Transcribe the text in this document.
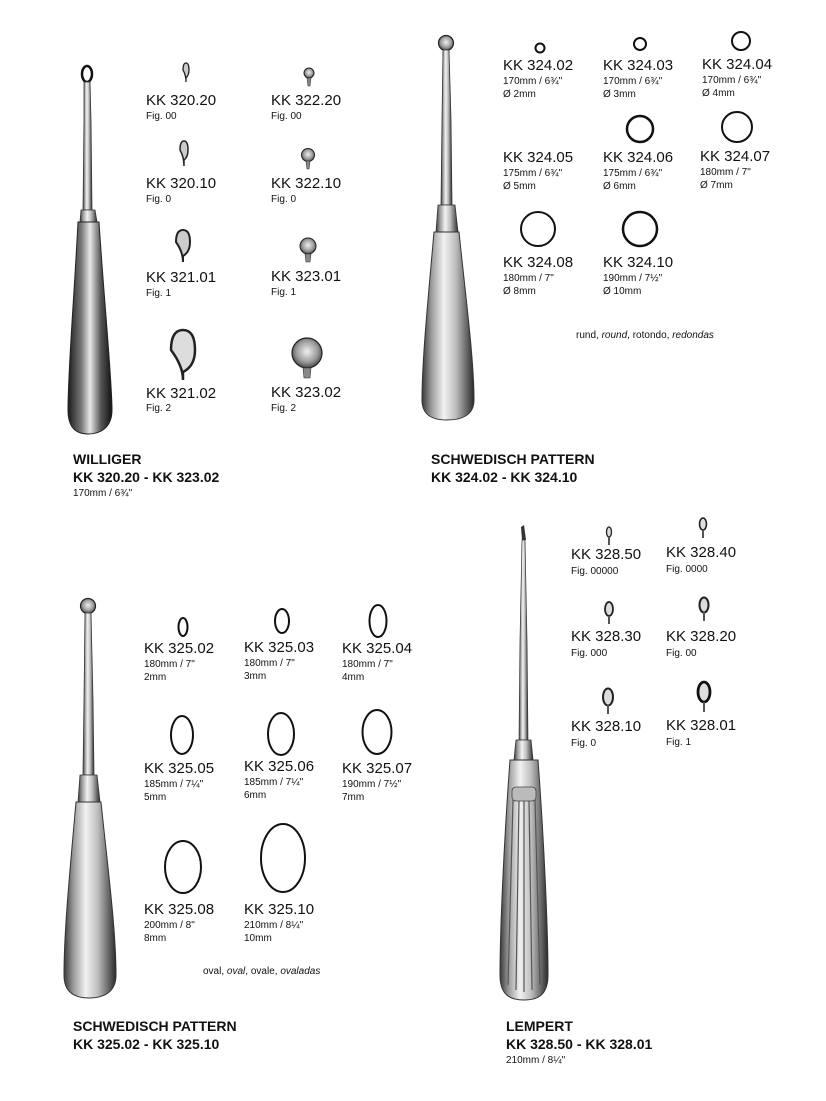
KK 320.20
Fig. 00
KK 322.20
Fig. 00
KK 320.10
Fig. 0
KK 322.10
Fig. 0
KK 321.01
Fig. 1
KK 323.01
Fig. 1
KK 321.02
Fig. 2
KK 323.02
Fig. 2
WILLIGER
KK 320.20 - KK 323.02
170mm / 6¾"
KK 324.02
170mm / 6¾"
Ø 2mm
KK 324.03
170mm / 6¾"
Ø 3mm
KK 324.04
170mm / 6¾"
Ø 4mm
KK 324.05
175mm / 6¾"
Ø 5mm
KK 324.06
175mm / 6¾"
Ø 6mm
KK 324.07
180mm / 7"
Ø 7mm
KK 324.08
180mm / 7"
Ø 8mm
KK 324.10
190mm / 7½"
Ø 10mm
rund, round, rotondo, redondas
SCHWEDISCH PATTERN
KK 324.02 - KK 324.10
KK 325.02
180mm / 7"
2mm
KK 325.03
180mm / 7"
3mm
KK 325.04
180mm / 7"
4mm
KK 325.05
185mm / 7¼"
5mm
KK 325.06
185mm / 7¼"
6mm
KK 325.07
190mm / 7½"
7mm
KK 325.08
200mm / 8"
8mm
KK 325.10
210mm / 8¼"
10mm
oval, oval, ovale, ovaladas
SCHWEDISCH PATTERN
KK 325.02 - KK 325.10
KK 328.50
Fig. 00000
KK 328.40
Fig. 0000
KK 328.30
Fig. 000
KK 328.20
Fig. 00
KK 328.10
Fig. 0
KK 328.01
Fig. 1
LEMPERT
KK 328.50 - KK 328.01
210mm / 8¼"
